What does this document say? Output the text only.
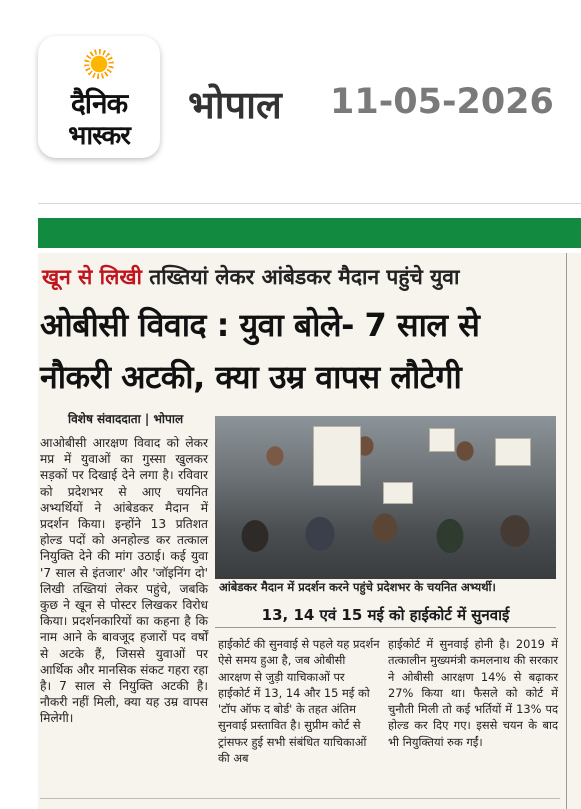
दैनिक
भास्कर
भोपाल 11-05-2026
खून से लिखी तख्तियां लेकर आंबेडकर मैदान पहुंचे युवा
ओबीसी विवाद : युवा बोले- 7 साल से
नौकरी अटकी, क्या उम्र वापस लौटेगी
विशेष संवाददाता | भोपाल

आओबीसी आरक्षण विवाद को लेकर मप्र में युवाओं का गुस्सा खुलकर सड़कों पर दिखाई देने लगा है। रविवार को प्रदेशभर से आए चयनित अभ्यर्थियों ने आंबेडकर मैदान में प्रदर्शन किया। इन्होंने 13 प्रतिशत होल्ड पदों को अनहोल्ड कर तत्काल नियुक्ति देने की मांग उठाई। कई युवा '7 साल से इंतजार' और 'जॉइनिंग दो' लिखी तख्तियां लेकर पहुंचे, जबकि कुछ ने खून से पोस्टर लिखकर विरोध किया। प्रदर्शनकारियों का कहना है कि नाम आने के बावजूद हजारों पद वर्षों से अटके हैं, जिससे युवाओं पर आर्थिक और मानसिक संकट गहरा रहा है। 7 साल से नियुक्ति अटकी है। नौकरी नहीं मिली, क्या यह उम्र वापस मिलेगी।

आंबेडकर मैदान में प्रदर्शन करने पहुंचे प्रदेशभर के चयनित अभ्यर्थी।
13, 14 एवं 15 मई को हाईकोर्ट में सुनवाई

हाईकोर्ट की सुनवाई से पहले यह प्रदर्शन ऐसे समय हुआ है, जब ओबीसी आरक्षण से जुड़ी याचिकाओं पर हाईकोर्ट में 13, 14 और 15 मई को 'टॉप ऑफ द बोर्ड' के तहत अंतिम सुनवाई प्रस्तावित है। सुप्रीम कोर्ट से ट्रांसफर हुई सभी संबंधित याचिकाओं की अब

हाईकोर्ट में सुनवाई होनी है। 2019 में तत्कालीन मुख्यमंत्री कमलनाथ की सरकार ने ओबीसी आरक्षण 14% से बढ़ाकर 27% किया था। फैसले को कोर्ट में चुनौती मिली तो कई भर्तियों में 13% पद होल्ड कर दिए गए। इससे चयन के बाद भी नियुक्तियां रुक गईं।
